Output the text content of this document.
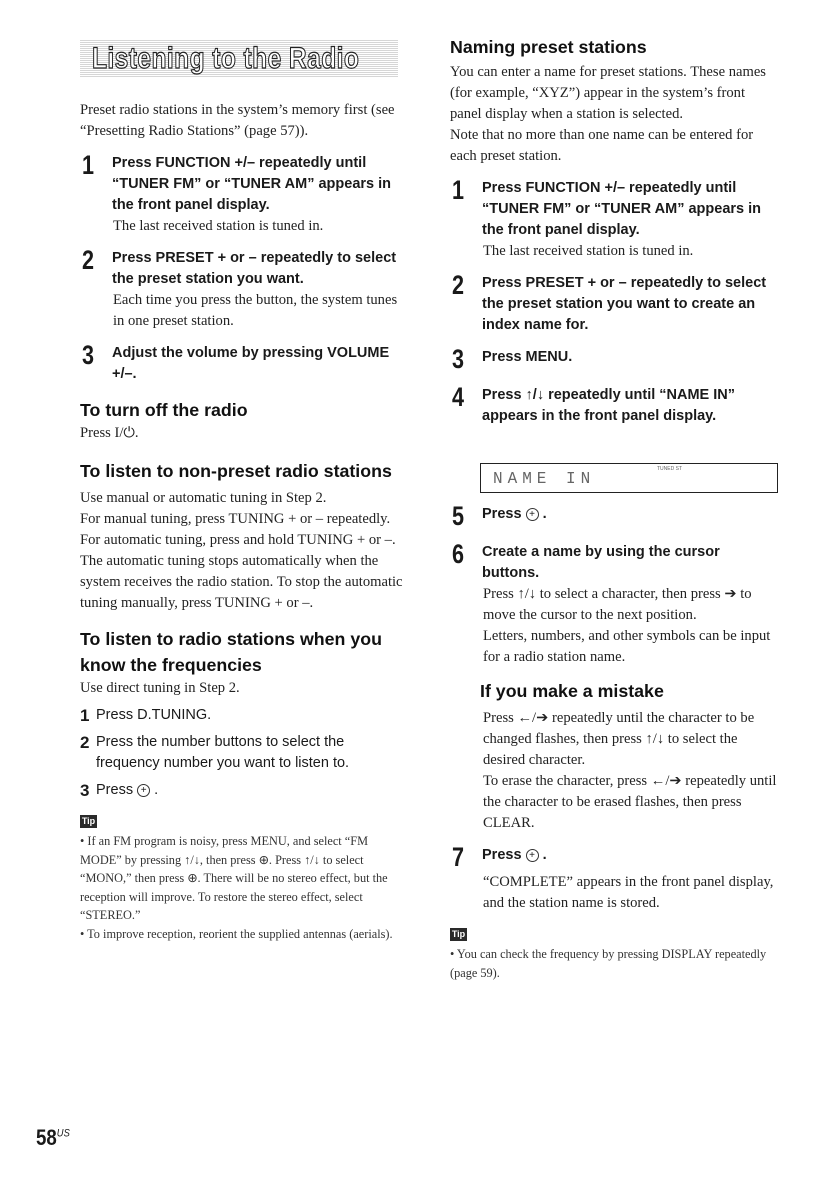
Listening to the Radio

Preset radio stations in the system’s memory first (see “Presetting Radio Stations” (page 57)).

1	Press FUNCTION +/– repeatedly until “TUNER FM” or “TUNER AM” appears in the front panel display.

The last received station is tuned in.

2	Press PRESET + or – repeatedly to select the preset station you want.

Each time you press the button, the system tunes in one preset station.

3	Adjust the volume by pressing VOLUME +/–.
To turn off the radio

Press I/⏻.

To listen to non-preset radio stations

Use manual or automatic tuning in Step 2.

For manual tuning, press TUNING + or – repeatedly.

For automatic tuning, press and hold TUNING + or –. The automatic tuning stops automatically when the system receives the radio station. To stop the automatic tuning manually, press TUNING + or –.

To listen to radio stations when you know the frequencies

Use direct tuning in Step 2.

1 Press D.TUNING.
2 Press the number buttons to select the frequency number you want to listen to.
3 Press + .
Tip

• If an FM program is noisy, press MENU, and select “FM MODE” by pressing ↑/↓, then press ⊕. Press ↑/↓ to select “MONO,” then press ⊕. There will be no stereo effect, but the reception will improve. To restore the stereo effect, select “STEREO.”

• To improve reception, reorient the supplied antennas (aerials).

Naming preset stations

You can enter a name for preset stations. These names (for example, “XYZ”) appear in the system’s front panel display when a station is selected.

Note that no more than one name can be entered for each preset station.

1	Press FUNCTION +/– repeatedly until “TUNER FM” or “TUNER AM” appears in the front panel display.

The last received station is tuned in.

2	Press PRESET + or – repeatedly to select the preset station you want to create an index name for.
3	Press MENU.
4	Press ↑/↓ repeatedly until “NAME IN” appears in the front panel display.
TUNED ST
NAME IN
5	Press + .
6	Create a name by using the cursor buttons.

Press ↑/↓ to select a character, then press ➔ to move the cursor to the next position.

Letters, numbers, and other symbols can be input for a radio station name.

If you make a mistake

Press ←/➔ repeatedly until the character to be changed flashes, then press ↑/↓ to select the desired character.

To erase the character, press ←/➔ repeatedly until the character to be erased flashes, then press CLEAR.

7	Press + .

“COMPLETE” appears in the front panel display, and the station name is stored.

Tip

• You can check the frequency by pressing DISPLAY repeatedly (page 59).

$58^{US}$
